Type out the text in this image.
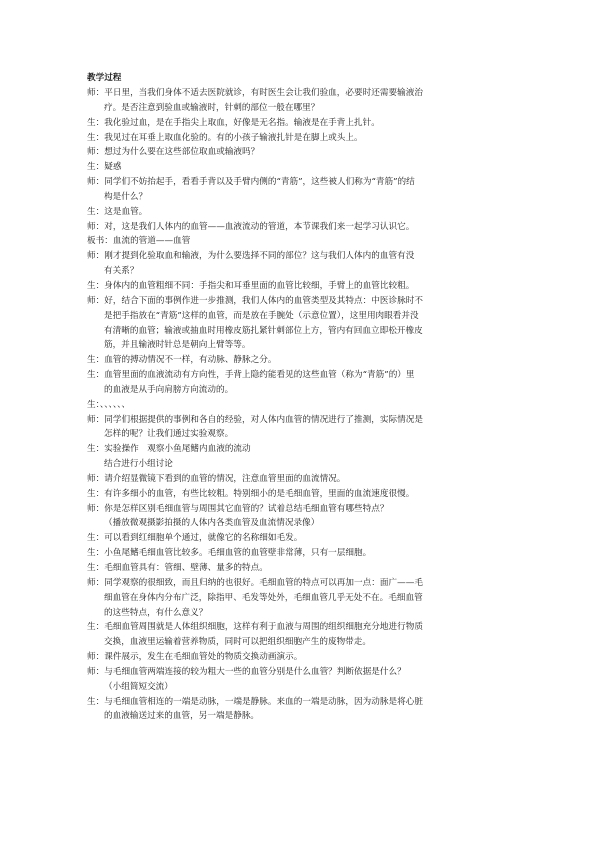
教学过程
师：平日里，当我们身体不适去医院就诊，有时医生会让我们验血，必要时还需要输液治
疗。是否注意到验血或输液时，针刺的部位一般在哪里？
生：我化验过血，是在手指尖上取血，好像是无名指。输液是在手背上扎针。
生：我见过在耳垂上取血化验的。有的小孩子输液扎针是在脚上或头上。
师：想过为什么要在这些部位取血或输液吗？
生：疑惑
师：同学们不妨抬起手，看看手背以及手臂内侧的“青筋”，这些被人们称为“青筋”的结
构是什么？
生：这是血管。
师：对，这是我们人体内的血管——血液流动的管道，本节课我们来一起学习认识它。
板书：血流的管道——血管
师：刚才提到化验取血和输液，为什么要选择不同的部位？这与我们人体内的血管有没
有关系？
生：身体内的血管粗细不同：手指尖和耳垂里面的血管比较细，手臂上的血管比较粗。
师：好，结合下面的事例作进一步推测，我们人体内的血管类型及其特点：中医诊脉时不
是把手指放在“青筋”这样的血管，而是放在手腕处（示意位置），这里用肉眼看并没
有清晰的血管；输液或抽血时用橡皮筋扎紧针刺部位上方，管内有回血立即松开橡皮
筋，并且输液时针总是朝向上臂等等。
生：血管的搏动情况不一样，有动脉、静脉之分。
生：血管里面的血液流动有方向性，手背上隐约能看见的这些血管（称为“青筋”的）里
的血液是从手向肩膀方向流动的。
生：、、、、、、
师：同学们根据提供的事例和各自的经验，对人体内血管的情况进行了推测，实际情况是
怎样的呢？让我们通过实验观察。
生：实验操作　观察小鱼尾鳍内血液的流动
结合进行小组讨论
师：请介绍显微镜下看到的血管的情况，注意血管里面的血流情况。
生：有许多细小的血管，有些比较粗。特别细小的是毛细血管，里面的血流速度很慢。
师：你是怎样区别毛细血管与周围其它血管的？试着总结毛细血管有哪些特点？
（播放微观摄影拍摄的人体内各类血管及血流情况录像）
生：可以看到红细胞单个通过，就像它的名称细如毛发。
生：小鱼尾鳍毛细血管比较多。毛细血管的血管壁非常薄，只有一层细胞。
生：毛细血管具有：管细、壁薄、量多的特点。
师：同学观察的很细致，而且归纳的也很好。毛细血管的特点可以再加一点：面广——毛
细血管在身体内分布广泛，除指甲、毛发等处外，毛细血管几乎无处不在。毛细血管
的这些特点，有什么意义？
生：毛细血管周围就是人体组织细胞，这样有利于血液与周围的组织细胞充分地进行物质
交换，血液里运输着营养物质，同时可以把组织细胞产生的废物带走。
师：课件展示，发生在毛细血管处的物质交换动画演示。
师：与毛细血管两端连接的较为粗大一些的血管分别是什么血管？判断依据是什么？
（小组简短交流）
生：与毛细血管相连的一端是动脉，一端是静脉。来血的一端是动脉，因为动脉是将心脏
的血液输送过来的血管，另一端是静脉。
